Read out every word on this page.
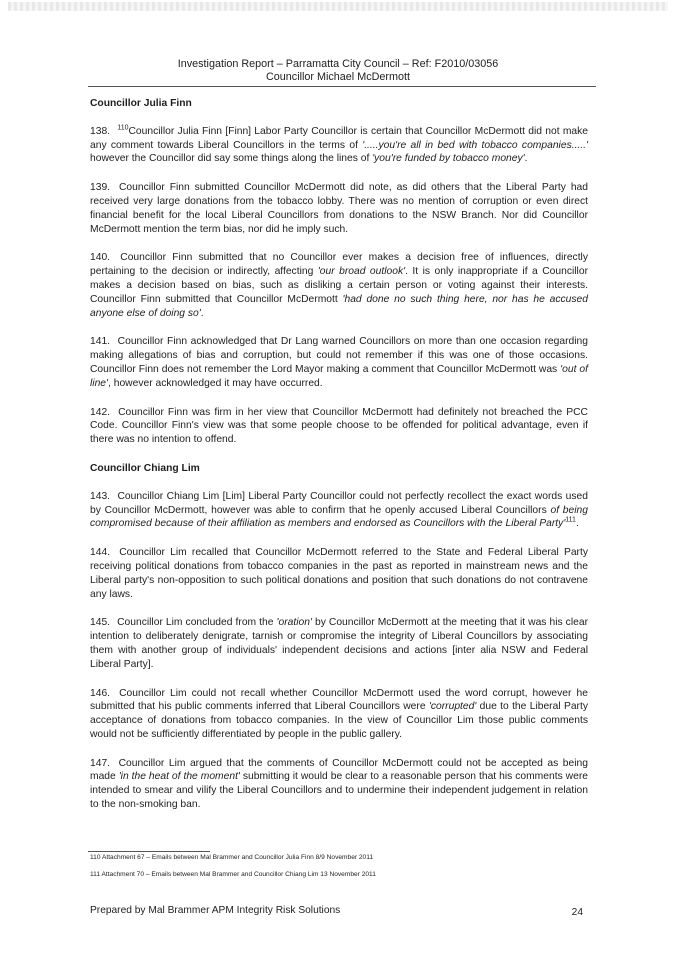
Investigation Report – Parramatta City Council – Ref: F2010/03056
Councillor Michael McDermott
Councillor Julia Finn
138. $^{110}$Councillor Julia Finn [Finn] Labor Party Councillor is certain that Councillor McDermott did not make any comment towards Liberal Councillors in the terms of '.....you're all in bed with tobacco companies.....' however the Councillor did say some things along the lines of 'you're funded by tobacco money'.
139. Councillor Finn submitted Councillor McDermott did note, as did others that the Liberal Party had received very large donations from the tobacco lobby. There was no mention of corruption or even direct financial benefit for the local Liberal Councillors from donations to the NSW Branch. Nor did Councillor McDermott mention the term bias, nor did he imply such.
140. Councillor Finn submitted that no Councillor ever makes a decision free of influences, directly pertaining to the decision or indirectly, affecting 'our broad outlook'. It is only inappropriate if a Councillor makes a decision based on bias, such as disliking a certain person or voting against their interests. Councillor Finn submitted that Councillor McDermott 'had done no such thing here, nor has he accused anyone else of doing so'.
141. Councillor Finn acknowledged that Dr Lang warned Councillors on more than one occasion regarding making allegations of bias and corruption, but could not remember if this was one of those occasions. Councillor Finn does not remember the Lord Mayor making a comment that Councillor McDermott was 'out of line', however acknowledged it may have occurred.
142. Councillor Finn was firm in her view that Councillor McDermott had definitely not breached the PCC Code. Councillor Finn's view was that some people choose to be offended for political advantage, even if there was no intention to offend.
Councillor Chiang Lim
143. Councillor Chiang Lim [Lim] Liberal Party Councillor could not perfectly recollect the exact words used by Councillor McDermott, however was able to confirm that he openly accused Liberal Councillors of being compromised because of their affiliation as members and endorsed as Councillors with the Liberal $Party'^{111}$.
144. Councillor Lim recalled that Councillor McDermott referred to the State and Federal Liberal Party receiving political donations from tobacco companies in the past as reported in mainstream news and the Liberal party's non-opposition to such political donations and position that such donations do not contravene any laws.
145. Councillor Lim concluded from the 'oration' by Councillor McDermott at the meeting that it was his clear intention to deliberately denigrate, tarnish or compromise the integrity of Liberal Councillors by associating them with another group of individuals' independent decisions and actions [inter alia NSW and Federal Liberal Party].
146. Councillor Lim could not recall whether Councillor McDermott used the word corrupt, however he submitted that his public comments inferred that Liberal Councillors were 'corrupted' due to the Liberal Party acceptance of donations from tobacco companies. In the view of Councillor Lim those public comments would not be sufficiently differentiated by people in the public gallery.
147. Councillor Lim argued that the comments of Councillor McDermott could not be accepted as being made 'in the heat of the moment' submitting it would be clear to a reasonable person that his comments were intended to smear and vilify the Liberal Councillors and to undermine their independent judgement in relation to the non-smoking ban.
110 Attachment 67 – Emails between Mal Brammer and Councillor Julia Finn 8/9 November 2011
111 Attachment 70 – Emails between Mal Brammer and Councillor Chiang Lim 13 November 2011
Prepared by Mal Brammer APM Integrity Risk Solutions	24
